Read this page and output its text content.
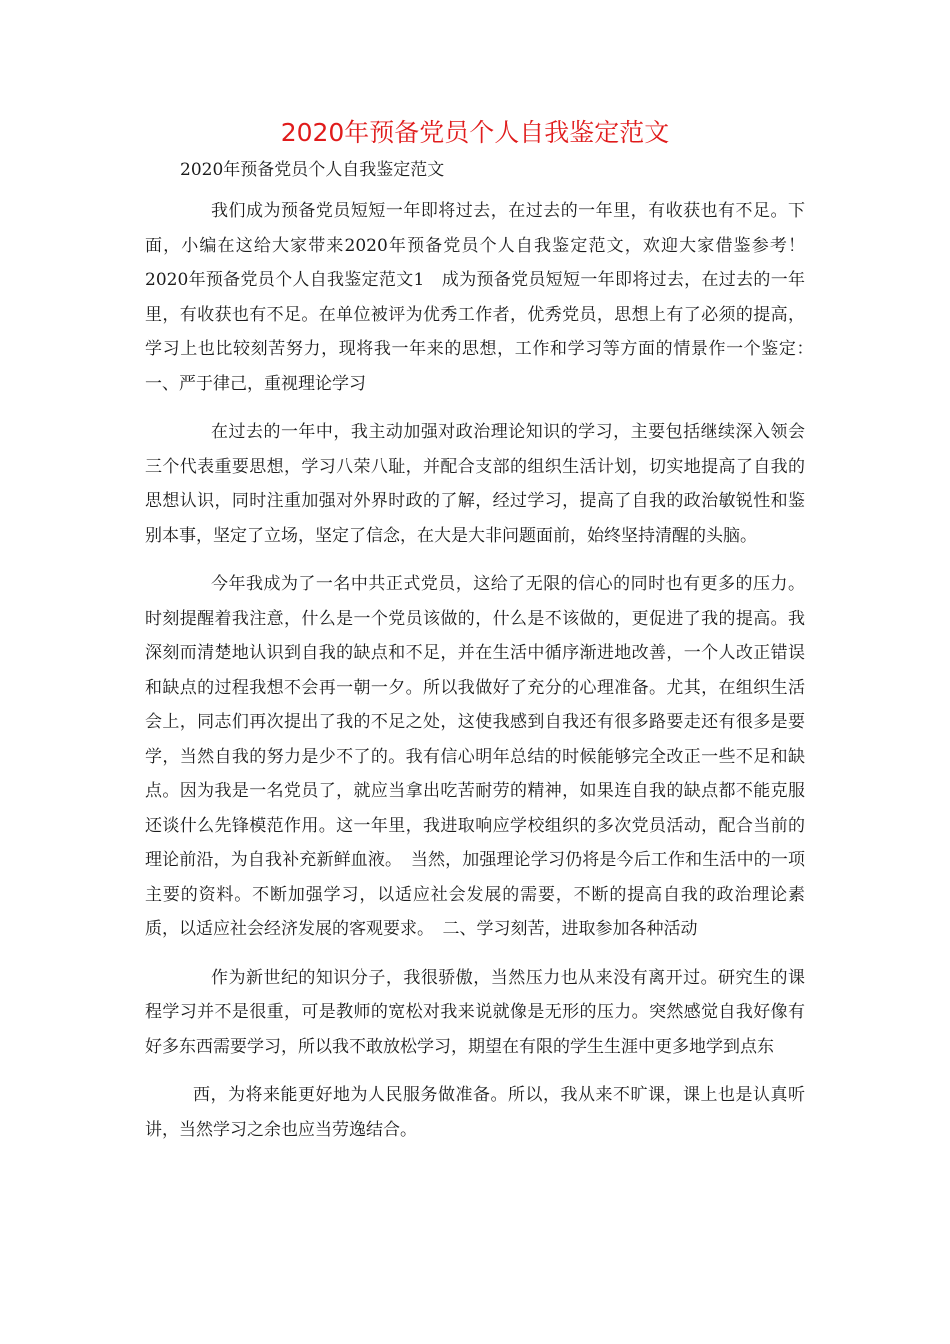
2020年预备党员个人自我鉴定范文

2020年预备党员个人自我鉴定范文

我们成为预备党员短短一年即将过去，在过去的一年里，有收获也有不足。下面，小编在这给大家带来2020年预备党员个人自我鉴定范文，欢迎大家借鉴参考！　2020年预备党员个人自我鉴定范文1　成为预备党员短短一年即将过去，在过去的一年里，有收获也有不足。在单位被评为优秀工作者，优秀党员，思想上有了必须的提高，学习上也比较刻苦努力，现将我一年来的思想，工作和学习等方面的情景作一个鉴定：　一、严于律己，重视理论学习

在过去的一年中，我主动加强对政治理论知识的学习，主要包括继续深入领会三个代表重要思想，学习八荣八耻，并配合支部的组织生活计划，切实地提高了自我的思想认识，同时注重加强对外界时政的了解，经过学习，提高了自我的政治敏锐性和鉴别本事，坚定了立场，坚定了信念，在大是大非问题面前，始终坚持清醒的头脑。

今年我成为了一名中共正式党员，这给了无限的信心的同时也有更多的压力。时刻提醒着我注意，什么是一个党员该做的，什么是不该做的，更促进了我的提高。我深刻而清楚地认识到自我的缺点和不足，并在生活中循序渐进地改善，一个人改正错误和缺点的过程我想不会再一朝一夕。所以我做好了充分的心理准备。尤其，在组织生活会上，同志们再次提出了我的不足之处，这使我感到自我还有很多路要走还有很多是要学，当然自我的努力是少不了的。我有信心明年总结的时候能够完全改正一些不足和缺点。因为我是一名党员了，就应当拿出吃苦耐劳的精神，如果连自我的缺点都不能克服还谈什么先锋模范作用。这一年里，我进取响应学校组织的多次党员活动，配合当前的理论前沿，为自我补充新鲜血液。　当然，加强理论学习仍将是今后工作和生活中的一项主要的资料。不断加强学习，以适应社会发展的需要，不断的提高自我的政治理论素质，以适应社会经济发展的客观要求。　二、学习刻苦，进取参加各种活动

作为新世纪的知识分子，我很骄傲，当然压力也从来没有离开过。研究生的课程学习并不是很重，可是教师的宽松对我来说就像是无形的压力。突然感觉自我好像有好多东西需要学习，所以我不敢放松学习，期望在有限的学生生涯中更多地学到点东

西，为将来能更好地为人民服务做准备。所以，我从来不旷课，课上也是认真听讲，当然学习之余也应当劳逸结合。
